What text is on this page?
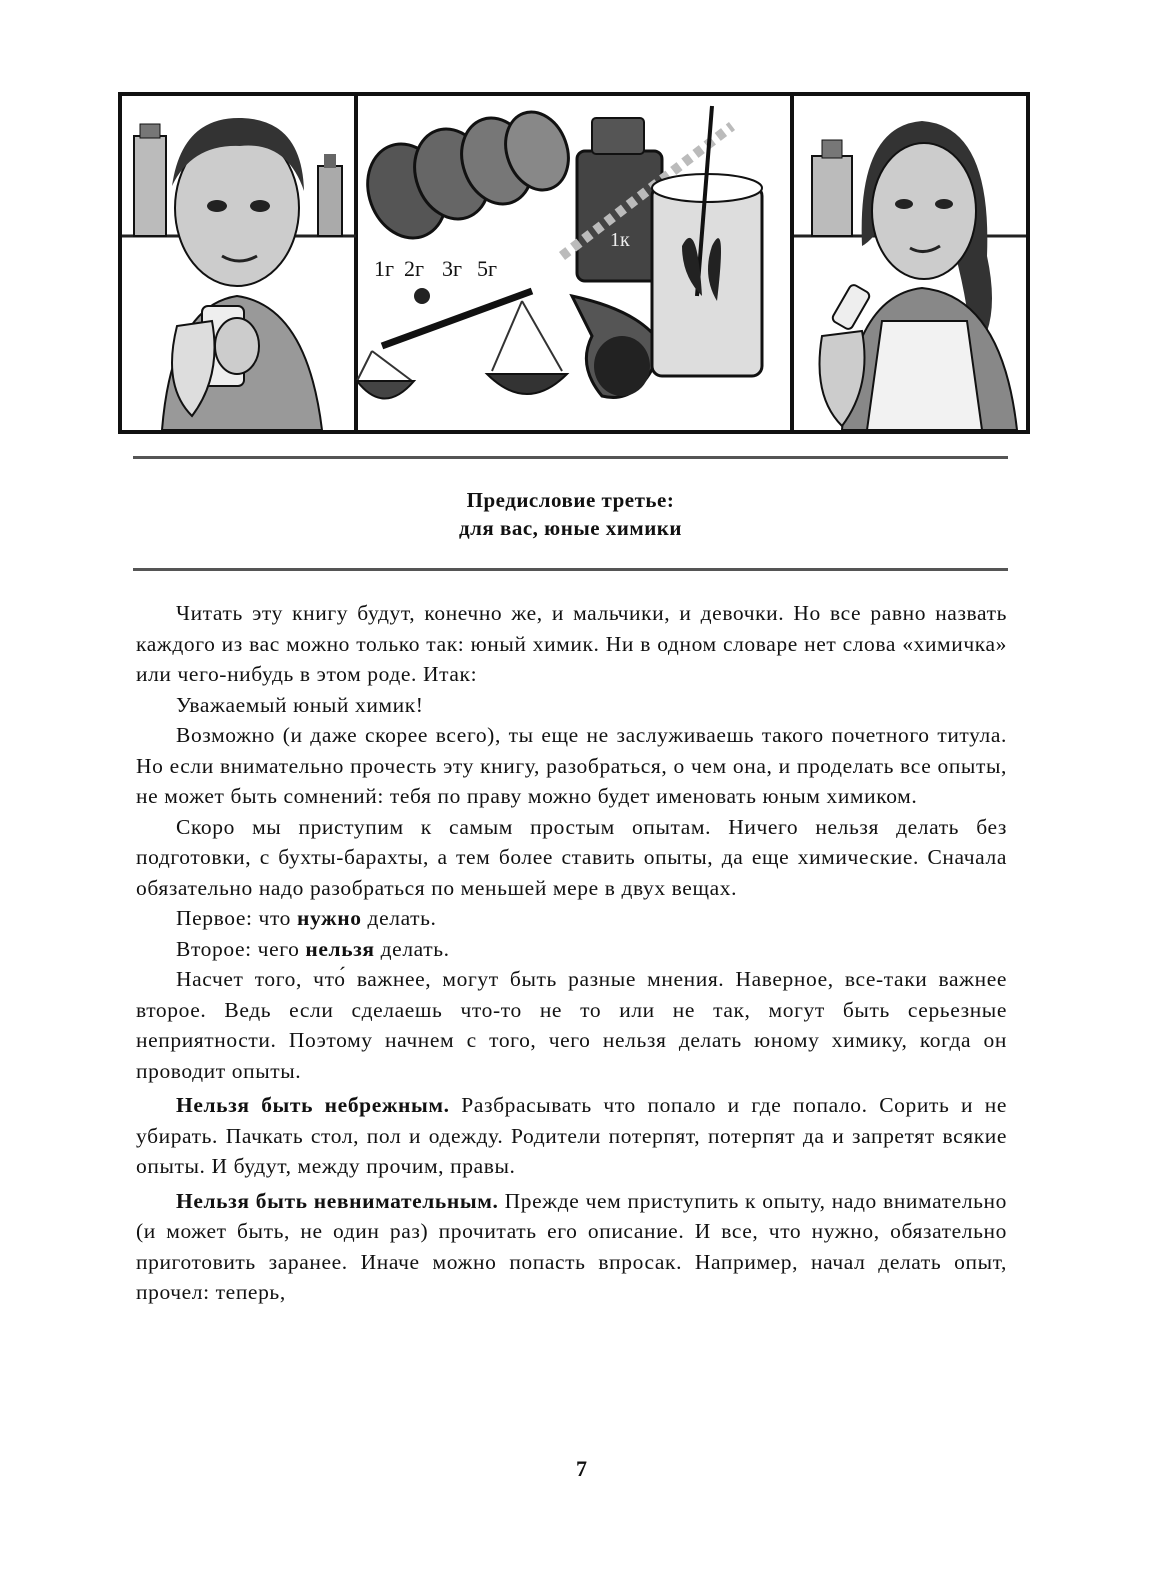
1г 2г 3г 5г
1к
Предисловие третье:
для вас, юные химики

Читать эту книгу будут, конечно же, и мальчики, и девочки. Но все равно назвать каждого из вас можно только так: юный химик. Ни в одном словаре нет слова «химичка» или чего-нибудь в этом роде. Итак:

Уважаемый юный химик!

Возможно (и даже скорее всего), ты еще не заслуживаешь такого почетного титула. Но если внимательно прочесть эту книгу, разобраться, о чем она, и проделать все опыты, не может быть сомнений: тебя по праву можно будет именовать юным химиком.

Скоро мы приступим к самым простым опытам. Ничего нельзя делать без подготовки, с бухты-барахты, а тем более ставить опыты, да еще химические. Сначала обязательно надо разобраться по меньшей мере в двух вещах.

Первое: что нужно делать.

Второе: чего нельзя делать.

Насчет того, что́ важнее, могут быть разные мнения. Наверное, все-таки важнее второе. Ведь если сделаешь что-то не то или не так, могут быть серьезные неприятности. Поэтому начнем с того, чего нельзя делать юному химику, когда он проводит опыты.

Нельзя быть небрежным. Разбрасывать что попало и где попало. Сорить и не убирать. Пачкать стол, пол и одежду. Родители потерпят, потерпят да и запретят всякие опыты. И будут, между прочим, правы.

Нельзя быть невнимательным. Прежде чем приступить к опыту, надо внимательно (и может быть, не один раз) прочитать его описание. И все, что нужно, обязательно приготовить заранее. Иначе можно попасть впросак. Например, начал делать опыт, прочел: теперь,

7
